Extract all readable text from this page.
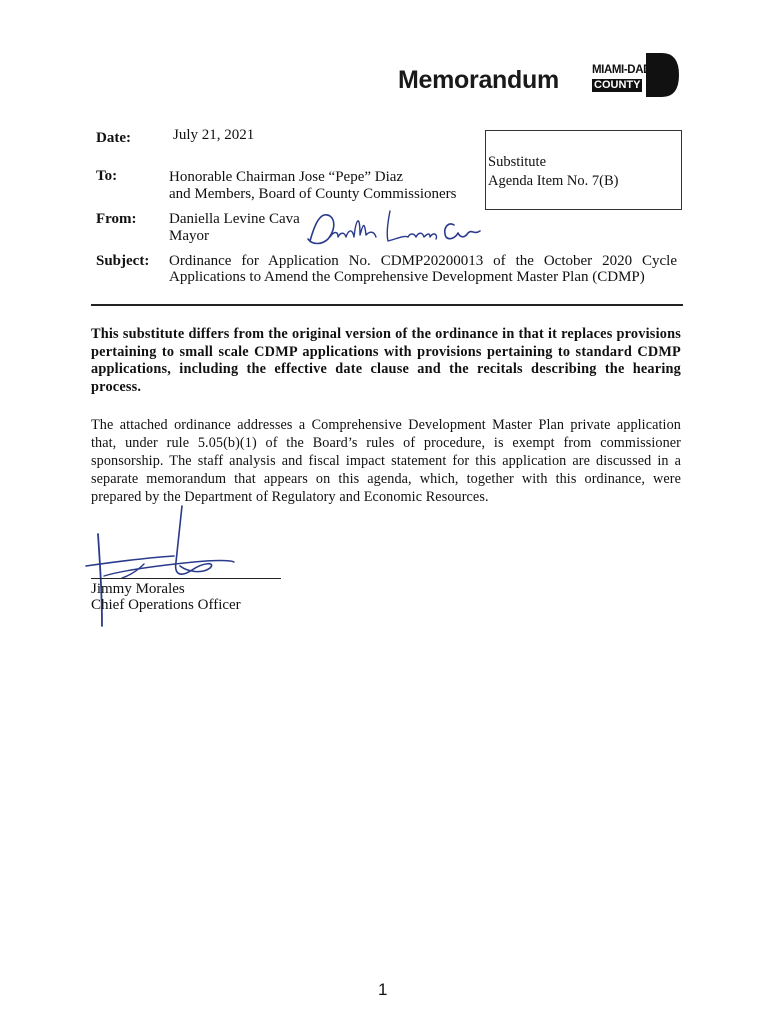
Memorandum	MIAMI-DADE
COUNTY
Date:	July 21, 2021
To:	Honorable Chairman Jose “Pepe” Diaz
and Members, Board of County Commissioners
Substitute
Agenda Item No. 7(B)
From: Daniella Levine Cava
Mayor
Subject: Ordinance for Application No. CDMP20200013 of the October 2020 Cycle
Applications to Amend the Comprehensive Development Master Plan (CDMP)
This substitute differs from the original version of the ordinance in that it replaces provisions pertaining to small scale CDMP applications with provisions pertaining to standard CDMP applications, including the effective date clause and the recitals describing the hearing process.
The attached ordinance addresses a Comprehensive Development Master Plan private application that, under rule 5.05(b)(1) of the Board’s rules of procedure, is exempt from commissioner sponsorship. The staff analysis and fiscal impact statement for this application are discussed in a separate memorandum that appears on this agenda, which, together with this ordinance, were prepared by the Department of Regulatory and Economic Resources.
Jimmy Morales
Chief Operations Officer
1
